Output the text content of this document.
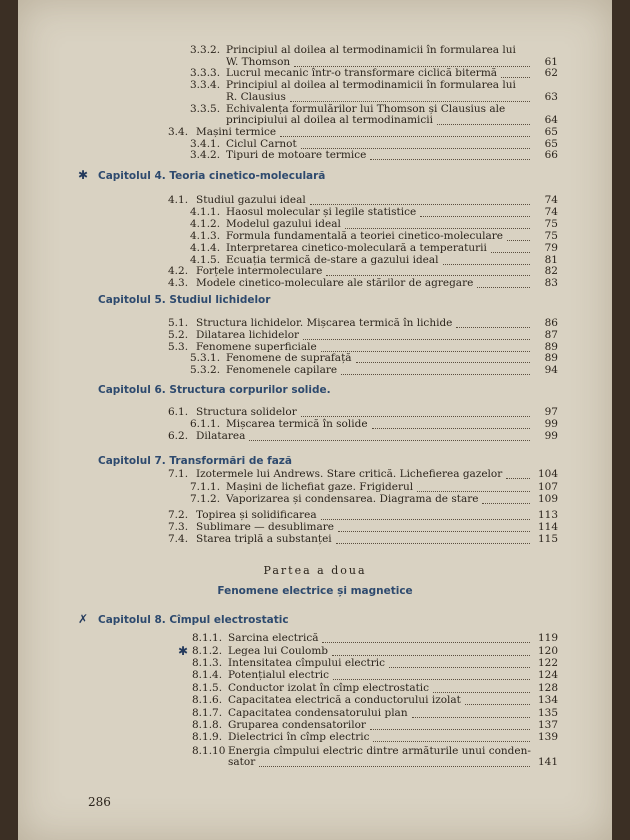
3.3.2. Principiul al doilea al termodinamicii în formularea lui
W. Thomson	61
3.3.3. Lucrul mecanic într-o transformare ciclică bitermă	62
3.3.4. Principiul al doilea al termodinamicii în formularea lui
R. Clausius	63
3.3.5. Echivalența formulărilor lui Thomson și Clausius ale
principiului al doilea al termodinamicii	64
3.4. Mașini termice	65
3.4.1. Ciclul Carnot	65
3.4.2. Tipuri de motoare termice	66
Capitolul 4. Teoria cinetico-moleculară
✱
4.1. Studiul gazului ideal	74
4.1.1. Haosul molecular și legile statistice	74
4.1.2. Modelul gazului ideal	75
4.1.3. Formula fundamentală a teoriei cinetico-moleculare	75
4.1.4. Interpretarea cinetico-moleculară a temperaturii	79
4.1.5. Ecuația termică de-stare a gazului ideal	81
4.2. Forțele intermoleculare	82
4.3. Modele cinetico-moleculare ale stărilor de agregare	83
Capitolul 5. Studiul lichidelor
5.1. Structura lichidelor. Mișcarea termică în lichide	86
5.2. Dilatarea lichidelor	87
5.3. Fenomene superficiale	89
5.3.1. Fenomene de suprafață	89
5.3.2. Fenomenele capilare	94
Capitolul 6. Structura corpurilor solide.
6.1. Structura solidelor	97
6.1.1. Mișcarea termică în solide	99
6.2. Dilatarea	99
Capitolul 7. Transformări de fază
7.1. Izotermele lui Andrews. Stare critică. Lichefierea gazelor	104
7.1.1. Mașini de lichefiat gaze. Frigiderul	107
7.1.2. Vaporizarea și condensarea. Diagrama de stare	109
7.2. Topirea și solidificarea	113
7.3. Sublimare — desublimare	114
7.4. Starea triplă a substanței	115
Partea a doua
Fenomene electrice și magnetice
Capitolul 8. Cîmpul electrostatic
✗
8.1.1. Sarcina electrică	119
8.1.2. Legea lui Coulomb	120
8.1.3. Intensitatea cîmpului electric	122
8.1.4. Potențialul electric	124
8.1.5. Conductor izolat în cîmp electrostatic	128
8.1.6. Capacitatea electrică a conductorului izolat	134
8.1.7. Capacitatea condensatorului plan	135
8.1.8. Gruparea condensatorilor	137
8.1.9. Dielectrici în cîmp electric	139
8.1.10 Energia cîmpului electric dintre armăturile unui conden-
sator	141
✱
286
